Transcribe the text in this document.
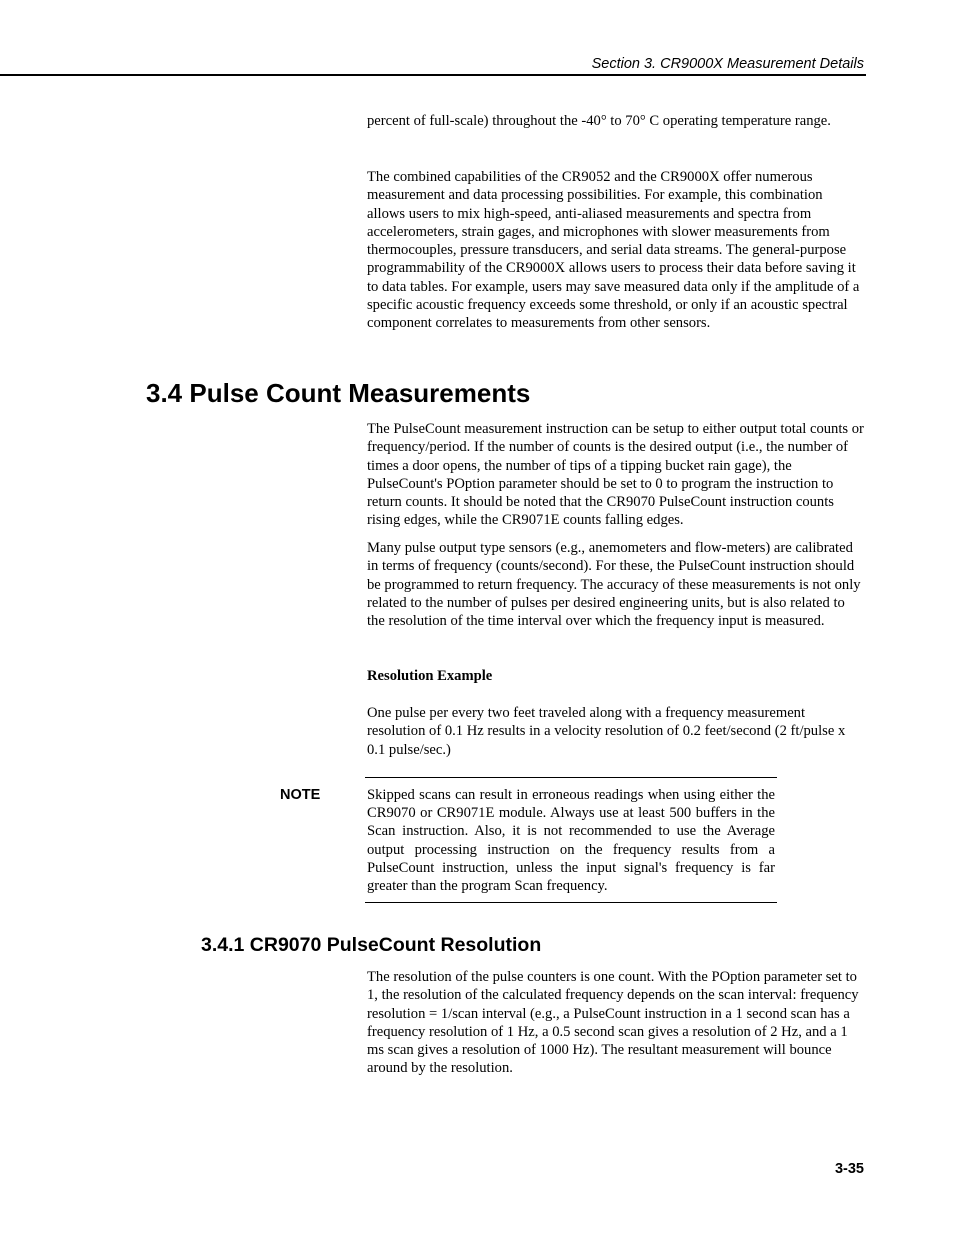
Section 3. CR9000X Measurement Details
percent of full-scale) throughout the -40° to 70° C operating temperature range.
The combined capabilities of the CR9052 and the CR9000X offer numerous measurement and data processing possibilities. For example, this combination allows users to mix high-speed, anti-aliased measurements and spectra from accelerometers, strain gages, and microphones with slower measurements from thermocouples, pressure transducers, and serial data streams. The general-purpose programmability of the CR9000X allows users to process their data before saving it to data tables. For example, users may save measured data only if the amplitude of a specific acoustic frequency exceeds some threshold, or only if an acoustic spectral component correlates to measurements from other sensors.
3.4 Pulse Count Measurements
The PulseCount measurement instruction can be setup to either output total counts or frequency/period. If the number of counts is the desired output (i.e., the number of times a door opens, the number of tips of a tipping bucket rain gage), the PulseCount's POption parameter should be set to 0 to program the instruction to return counts. It should be noted that the CR9070 PulseCount instruction counts rising edges, while the CR9071E counts falling edges.
Many pulse output type sensors (e.g., anemometers and flow-meters) are calibrated in terms of frequency (counts/second). For these, the PulseCount instruction should be programmed to return frequency. The accuracy of these measurements is not only related to the number of pulses per desired engineering units, but is also related to the resolution of the time interval over which the frequency input is measured.
Resolution Example
One pulse per every two feet traveled along with a frequency measurement resolution of 0.1 Hz results in a velocity resolution of 0.2 feet/second (2 ft/pulse x 0.1 pulse/sec.)
NOTE	Skipped scans can result in erroneous readings when using either the CR9070 or CR9071E module. Always use at least 500 buffers in the Scan instruction. Also, it is not recommended to use the Average output processing instruction on the frequency results from a PulseCount instruction, unless the input signal's frequency is far greater than the program Scan frequency.
3.4.1 CR9070 PulseCount Resolution
The resolution of the pulse counters is one count. With the POption parameter set to 1, the resolution of the calculated frequency depends on the scan interval: frequency resolution = 1/scan interval (e.g., a PulseCount instruction in a 1 second scan has a frequency resolution of 1 Hz, a 0.5 second scan gives a resolution of 2 Hz, and a 1 ms scan gives a resolution of 1000 Hz). The resultant measurement will bounce around by the resolution.
3-35
